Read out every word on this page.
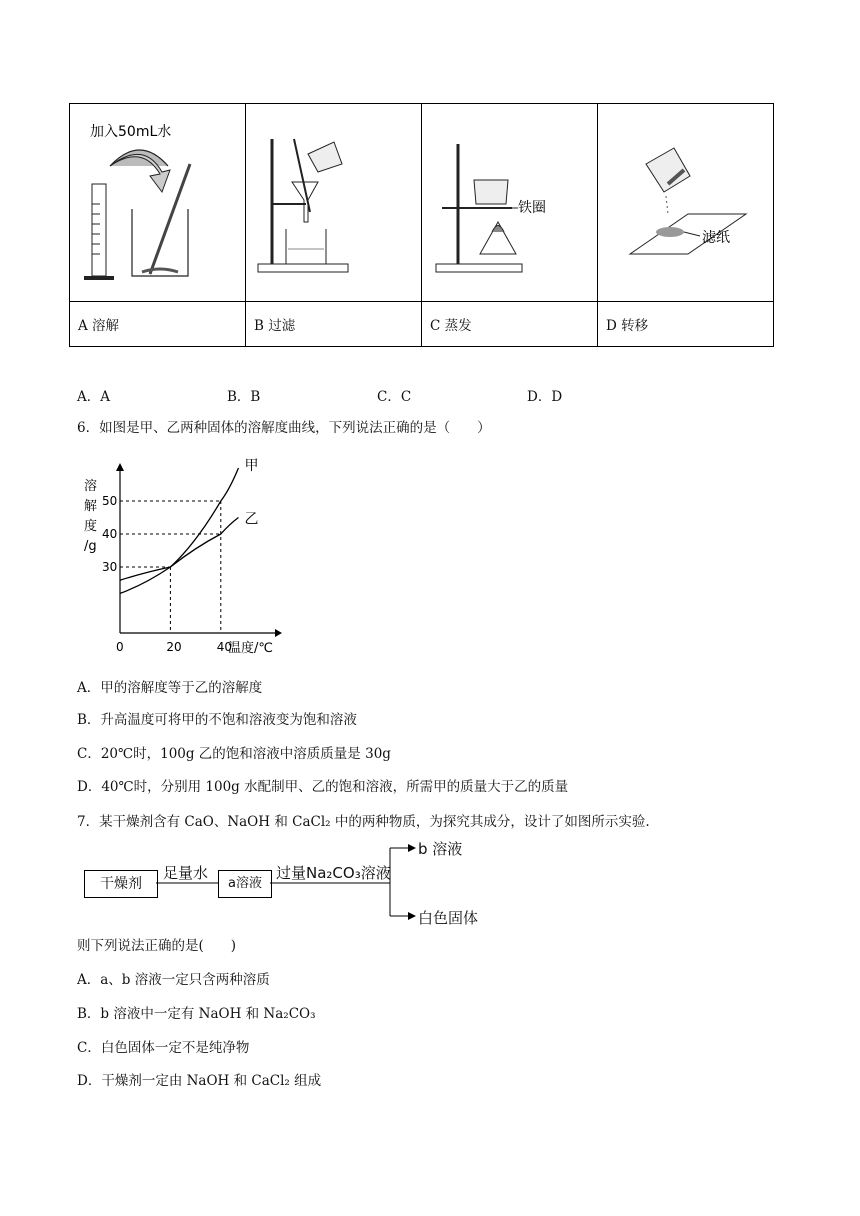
加入50mL水		铁圈	滤纸

A 溶解	B 过滤	C 蒸发	D 转移
A．A	B．B	C．C	D．D
6．如图是甲、乙两种固体的溶解度曲线，下列说法正确的是（　　）
溶
解
度
/g
温度/℃
0	20	40
30
40
50
甲
乙
A．甲的溶解度等于乙的溶解度
B．升高温度可将甲的不饱和溶液变为饱和溶液
C．20℃时，100g 乙的饱和溶液中溶质质量是 30g
D．40℃时，分别用 100g 水配制甲、乙的饱和溶液，所需甲的质量大于乙的质量
7．某干燥剂含有 CaO、NaOH 和 CaCl₂ 中的两种物质，为探究其成分，设计了如图所示实验.
干燥剂
足量水
a溶液
过量Na₂CO₃溶液
b 溶液
白色固体
则下列说法正确的是(　　)
A．a、b 溶液一定只含两种溶质
B．b 溶液中一定有 NaOH 和 Na₂CO₃
C．白色固体一定不是纯净物
D．干燥剂一定由 NaOH 和 CaCl₂ 组成
